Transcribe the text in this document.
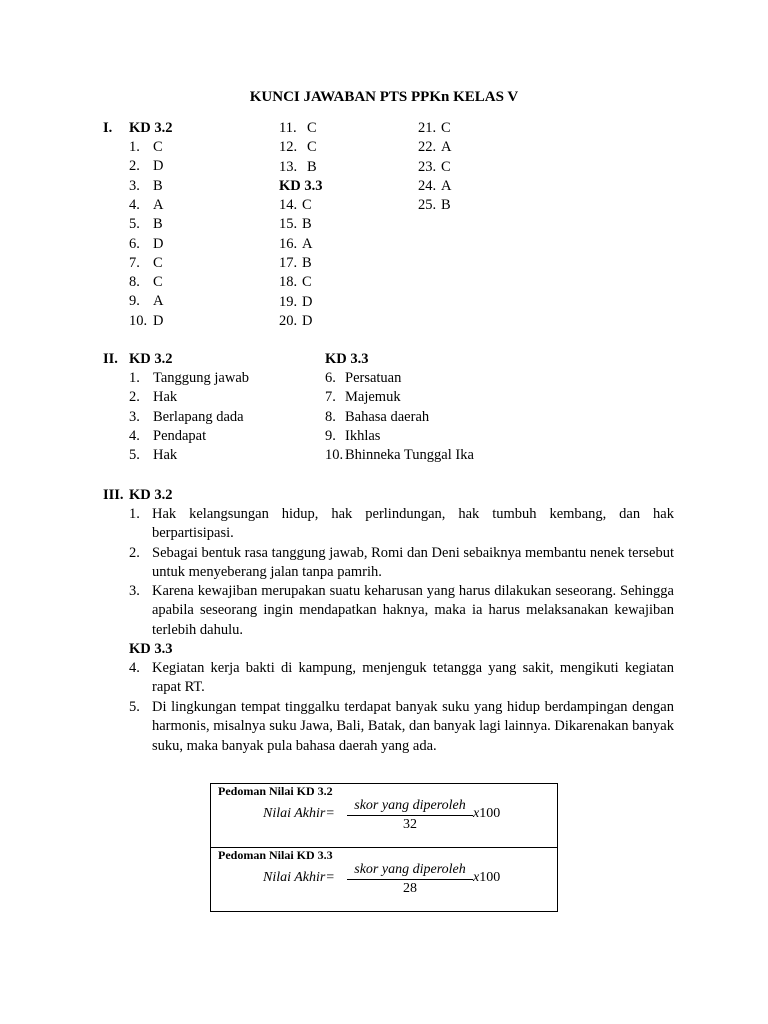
KUNCI JAWABAN PTS PPKn KELAS V
I. KD 3.2
1. C
2. D
3. B
4. A
5. B
6. D
7. C
8. C
9. A
10. D
11. C
12. C
13. B
KD 3.3
14. C
15. B
16. A
17. B
18. C
19. D
20. D
21. C
22. A
23. C
24. A
25. B
II. KD 3.2	KD 3.3
1. Tanggung jawab
2. Hak
3. Berlapang dada
4. Pendapat
5. Hak
6. Persatuan
7. Majemuk
8. Bahasa daerah
9. Ikhlas
10. Bhinneka Tunggal Ika
III. KD 3.2
1. Hak kelangsungan hidup, hak perlindungan, hak tumbuh kembang, dan hak berpartisipasi.
2. Sebagai bentuk rasa tanggung jawab, Romi dan Deni sebaiknya membantu nenek tersebut untuk menyeberang jalan tanpa pamrih.
3. Karena kewajiban merupakan suatu keharusan yang harus dilakukan seseorang. Sehingga apabila seseorang ingin mendapatkan haknya, maka ia harus melaksanakan kewajiban terlebih dahulu.
KD 3.3
4. Kegiatan kerja bakti di kampung, menjenguk tetangga yang sakit, mengikuti kegiatan rapat RT.
5. Di lingkungan tempat tinggalku terdapat banyak suku yang hidup berdampingan dengan harmonis, misalnya suku Jawa, Bali, Batak, dan banyak lagi lainnya. Dikarenakan banyak suku, maka banyak pula bahasa daerah yang ada.
Pedoman Nilai KD 3.2
Nilai Akhir=
skor yang diperoleh
32
x100
Pedoman Nilai KD 3.3
Nilai Akhir=
skor yang diperoleh
28
x100
